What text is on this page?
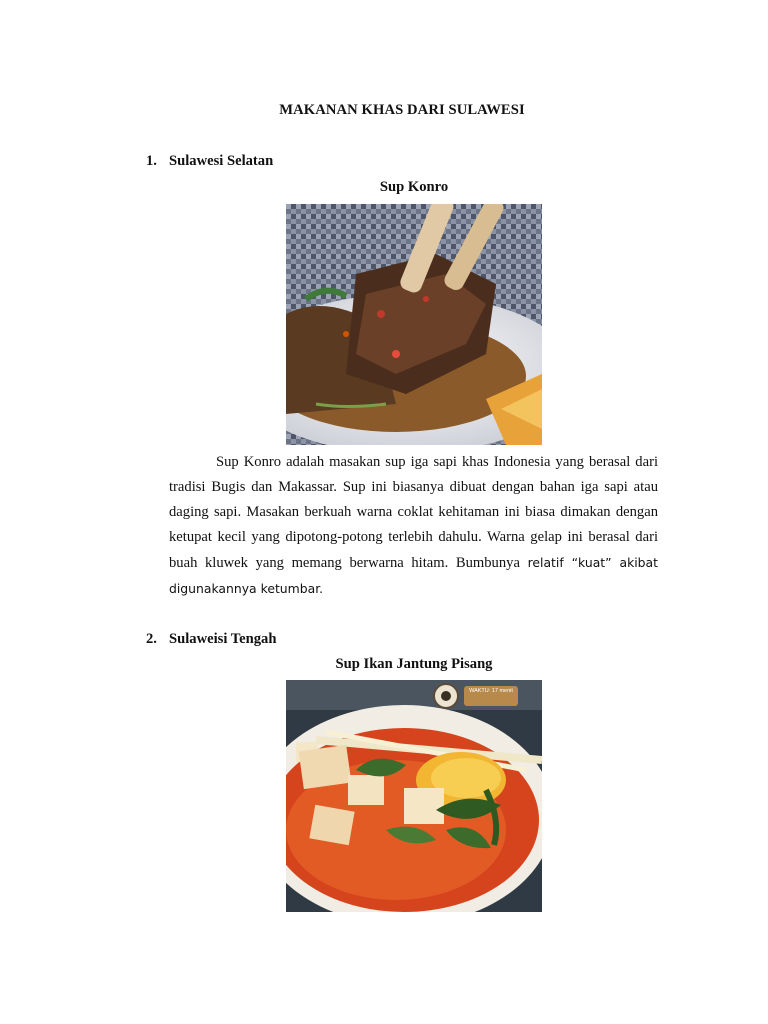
MAKANAN KHAS DARI SULAWESI
1. Sulawesi Selatan
Sup Konro

Sup Konro adalah masakan sup iga sapi khas Indonesia yang berasal dari tradisi Bugis dan Makassar. Sup ini biasanya dibuat dengan bahan iga sapi atau daging sapi. Masakan berkuah warna coklat kehitaman ini biasa dimakan dengan ketupat kecil yang dipotong-potong terlebih dahulu. Warna gelap ini berasal dari buah kluwek yang memang berwarna hitam. Bumbunya relatif “kuat” akibat digunakannya ketumbar.

2. Sulaweisi Tengah
Sup Ikan Jantung Pisang
WAKTU: 17 menit
